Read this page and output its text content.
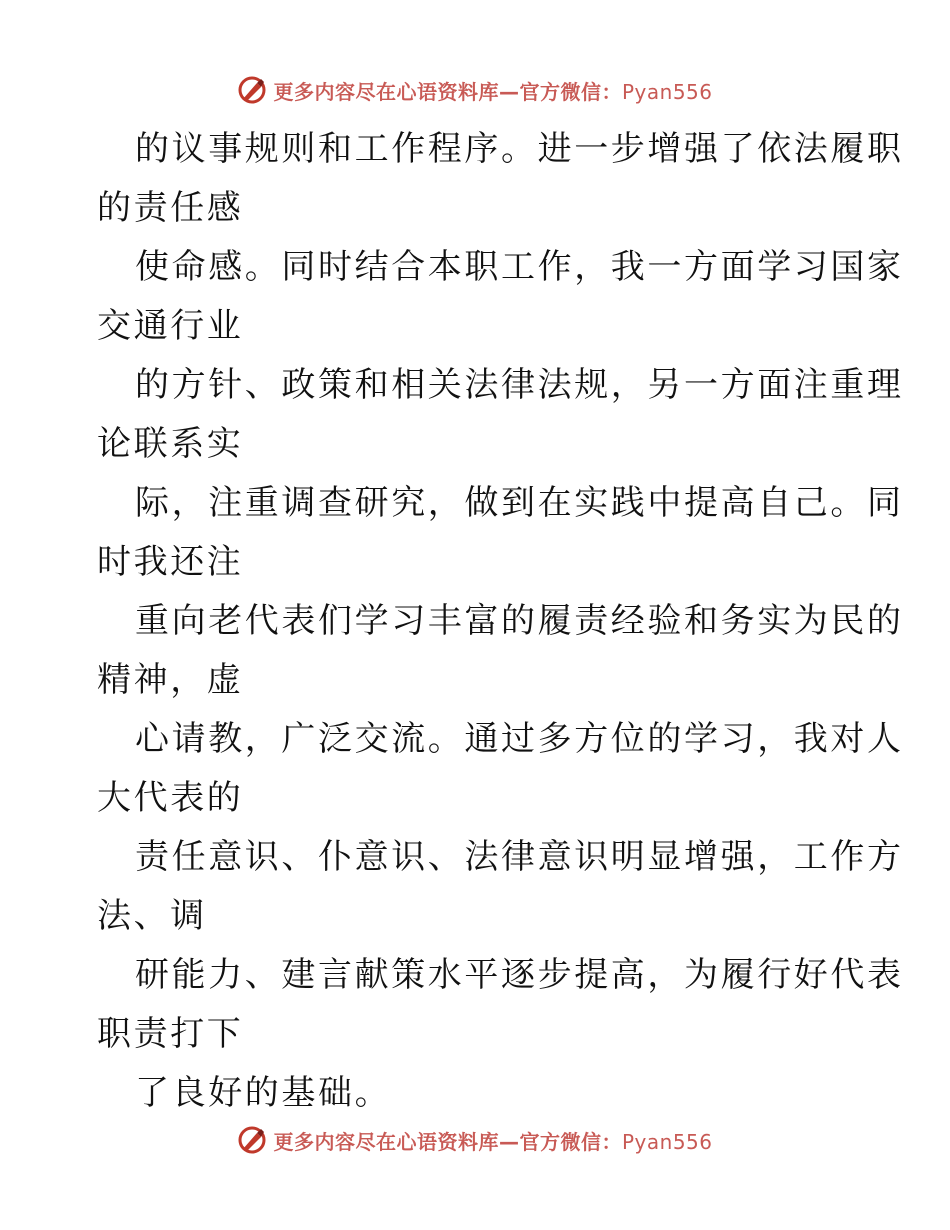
更多内容尽在心语资料库—官方微信：Pyan556

的议事规则和工作程序。进一步增强了依法履职

的责任感

使命感。同时结合本职工作，我一方面学习国家

交通行业

的方针、政策和相关法律法规，另一方面注重理

论联系实

际，注重调查研究，做到在实践中提高自己。同

时我还注

重向老代表们学习丰富的履责经验和务实为民的

精神，虚

心请教，广泛交流。通过多方位的学习，我对人

大代表的

责任意识、仆意识、法律意识明显增强，工作方

法、调

研能力、建言献策水平逐步提高，为履行好代表

职责打下

了良好的基础。

更多内容尽在心语资料库—官方微信：Pyan556
